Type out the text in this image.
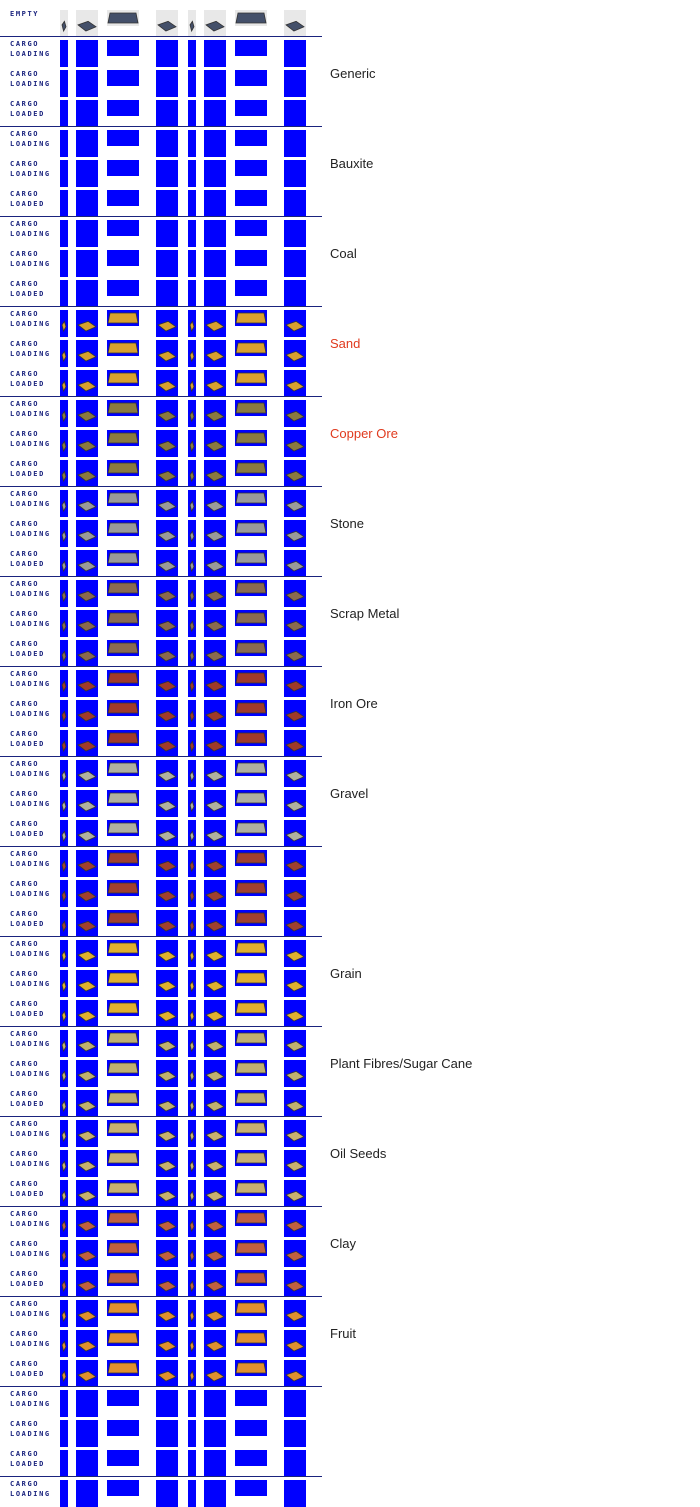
EMPTY
CARGO
LOADING
CARGO
LOADING
CARGO
LOADED
Generic
CARGO
LOADING
CARGO
LOADING
CARGO
LOADED
Bauxite
CARGO
LOADING
CARGO
LOADING
CARGO
LOADED
Coal
CARGO
LOADING
CARGO
LOADING
CARGO
LOADED
Sand
CARGO
LOADING
CARGO
LOADING
CARGO
LOADED
Copper Ore
CARGO
LOADING
CARGO
LOADING
CARGO
LOADED
Stone
CARGO
LOADING
CARGO
LOADING
CARGO
LOADED
Scrap Metal
CARGO
LOADING
CARGO
LOADING
CARGO
LOADED
Iron Ore
CARGO
LOADING
CARGO
LOADING
CARGO
LOADED
Gravel
CARGO
LOADING
CARGO
LOADING
CARGO
LOADED
CARGO
LOADING
CARGO
LOADING
CARGO
LOADED
Grain
CARGO
LOADING
CARGO
LOADING
CARGO
LOADED
Plant Fibres/Sugar Cane
CARGO
LOADING
CARGO
LOADING
CARGO
LOADED
Oil Seeds
CARGO
LOADING
CARGO
LOADING
CARGO
LOADED
Clay
CARGO
LOADING
CARGO
LOADING
CARGO
LOADED
Fruit
CARGO
LOADING
CARGO
LOADING
CARGO
LOADED
CARGO
LOADING
